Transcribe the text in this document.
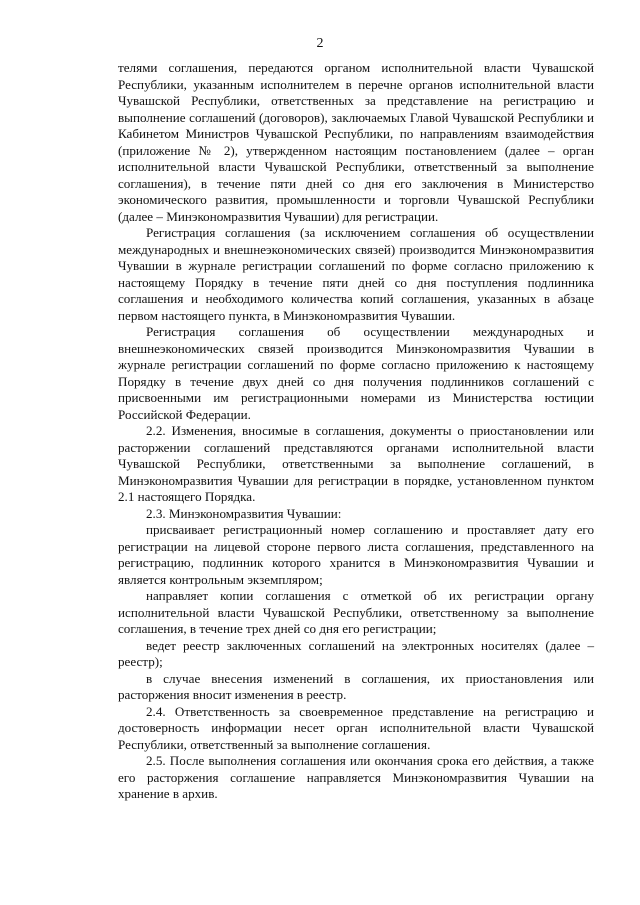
2

телями соглашения, передаются органом исполнительной власти Чувашской Республики, указанным исполнителем в перечне органов исполнительной власти Чувашской Республики, ответственных за представление на регистрацию и выполнение соглашений (договоров), заключаемых Главой Чувашской Республики и Кабинетом Министров Чувашской Республики, по направлениям взаимодействия (приложение № 2), утвержденном настоящим постановлением (далее – орган исполнительной власти Чувашской Республики, ответственный за выполнение соглашения), в течение пяти дней со дня его заключения в Министерство экономического развития, промышленности и торговли Чувашской Республики (далее – Минэкономразвития Чувашии) для регистрации.

Регистрация соглашения (за исключением соглашения об осуществлении международных и внешнеэкономических связей) производится Минэкономразвития Чувашии в журнале регистрации соглашений по форме согласно приложению к настоящему Порядку в течение пяти дней со дня поступления подлинника соглашения и необходимого количества копий соглашения, указанных в абзаце первом настоящего пункта, в Минэкономразвития Чувашии.

Регистрация соглашения об осуществлении международных и внешнеэкономических связей производится Минэкономразвития Чувашии в журнале регистрации соглашений по форме согласно приложению к настоящему Порядку в течение двух дней со дня получения подлинников соглашений с присвоенными им регистрационными номерами из Министерства юстиции Российской Федерации.

2.2. Изменения, вносимые в соглашения, документы о приостановлении или расторжении соглашений представляются органами исполнительной власти Чувашской Республики, ответственными за выполнение соглашений, в Минэкономразвития Чувашии для регистрации в порядке, установленном пунктом 2.1 настоящего Порядка.

2.3. Минэкономразвития Чувашии:

присваивает регистрационный номер соглашению и проставляет дату его регистрации на лицевой стороне первого листа соглашения, представленного на регистрацию, подлинник которого хранится в Минэкономразвития Чувашии и является контрольным экземпляром;

направляет копии соглашения с отметкой об их регистрации органу исполнительной власти Чувашской Республики, ответственному за выполнение соглашения, в течение трех дней со дня его регистрации;

ведет реестр заключенных соглашений на электронных носителях (далее – реестр);

в случае внесения изменений в соглашения, их приостановления или расторжения вносит изменения в реестр.

2.4. Ответственность за своевременное представление на регистрацию и достоверность информации несет орган исполнительной власти Чувашской Республики, ответственный за выполнение соглашения.

2.5. После выполнения соглашения или окончания срока его действия, а также его расторжения соглашение направляется Минэкономразвития Чувашии на хранение в архив.
